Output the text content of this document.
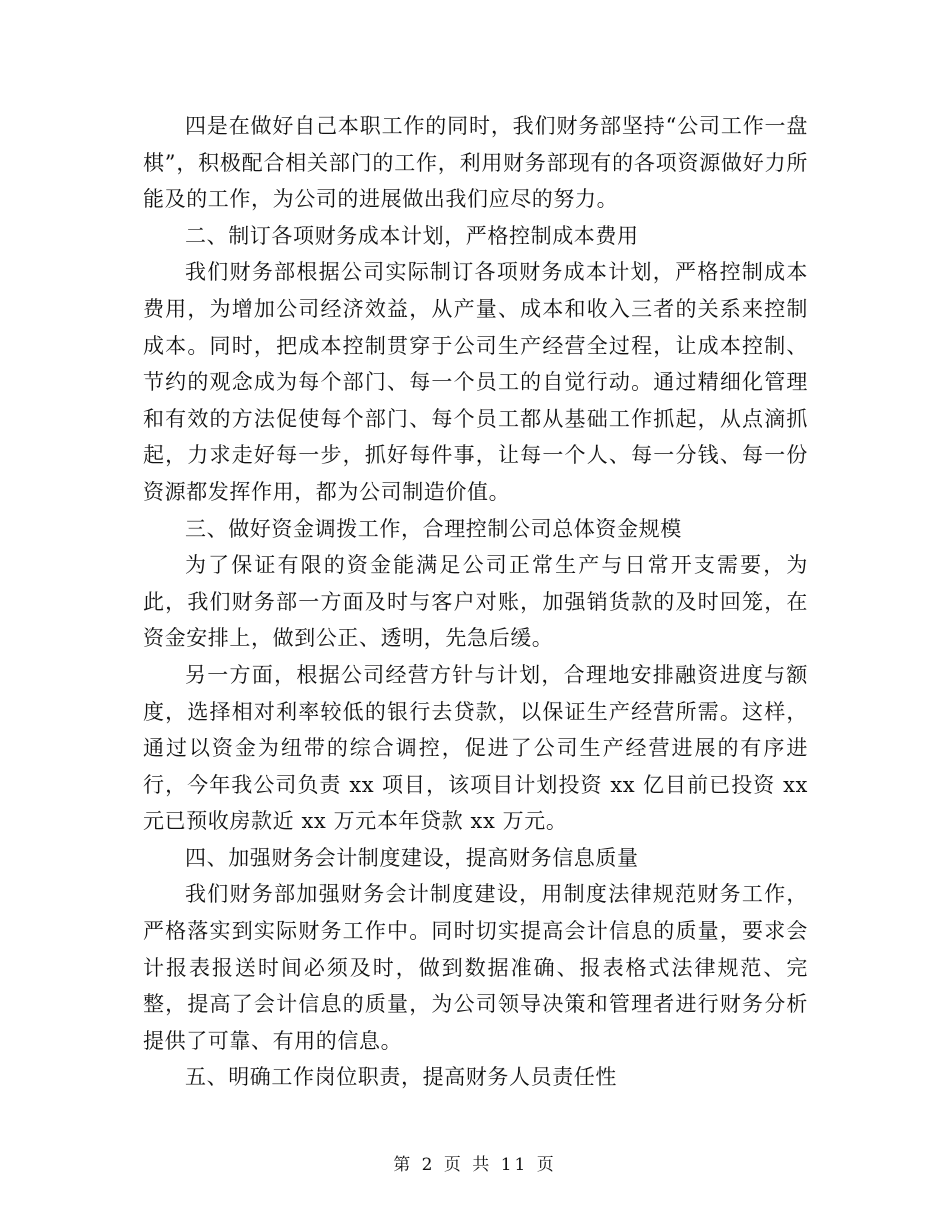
四是在做好自己本职工作的同时，我们财务部坚持“公司工作一盘棋”，积极配合相关部门的工作，利用财务部现有的各项资源做好力所能及的工作，为公司的进展做出我们应尽的努力。

二、制订各项财务成本计划，严格控制成本费用

我们财务部根据公司实际制订各项财务成本计划，严格控制成本费用，为增加公司经济效益，从产量、成本和收入三者的关系来控制成本。同时，把成本控制贯穿于公司生产经营全过程，让成本控制、节约的观念成为每个部门、每一个员工的自觉行动。通过精细化管理和有效的方法促使每个部门、每个员工都从基础工作抓起，从点滴抓起，力求走好每一步，抓好每件事，让每一个人、每一分钱、每一份资源都发挥作用，都为公司制造价值。

三、做好资金调拨工作，合理控制公司总体资金规模

为了保证有限的资金能满足公司正常生产与日常开支需要，为此，我们财务部一方面及时与客户对账，加强销货款的及时回笼，在资金安排上，做到公正、透明，先急后缓。

另一方面，根据公司经营方针与计划，合理地安排融资进度与额度，选择相对利率较低的银行去贷款，以保证生产经营所需。这样，通过以资金为纽带的综合调控，促进了公司生产经营进展的有序进行，今年我公司负责 xx 项目，该项目计划投资 xx 亿目前已投资 xx 元已预收房款近 xx 万元本年贷款 xx 万元。

四、加强财务会计制度建设，提高财务信息质量

我们财务部加强财务会计制度建设，用制度法律规范财务工作，严格落实到实际财务工作中。同时切实提高会计信息的质量，要求会计报表报送时间必须及时，做到数据准确、报表格式法律规范、完整，提高了会计信息的质量，为公司领导决策和管理者进行财务分析提供了可靠、有用的信息。

五、明确工作岗位职责，提高财务人员责任性

第 2 页 共 11 页
